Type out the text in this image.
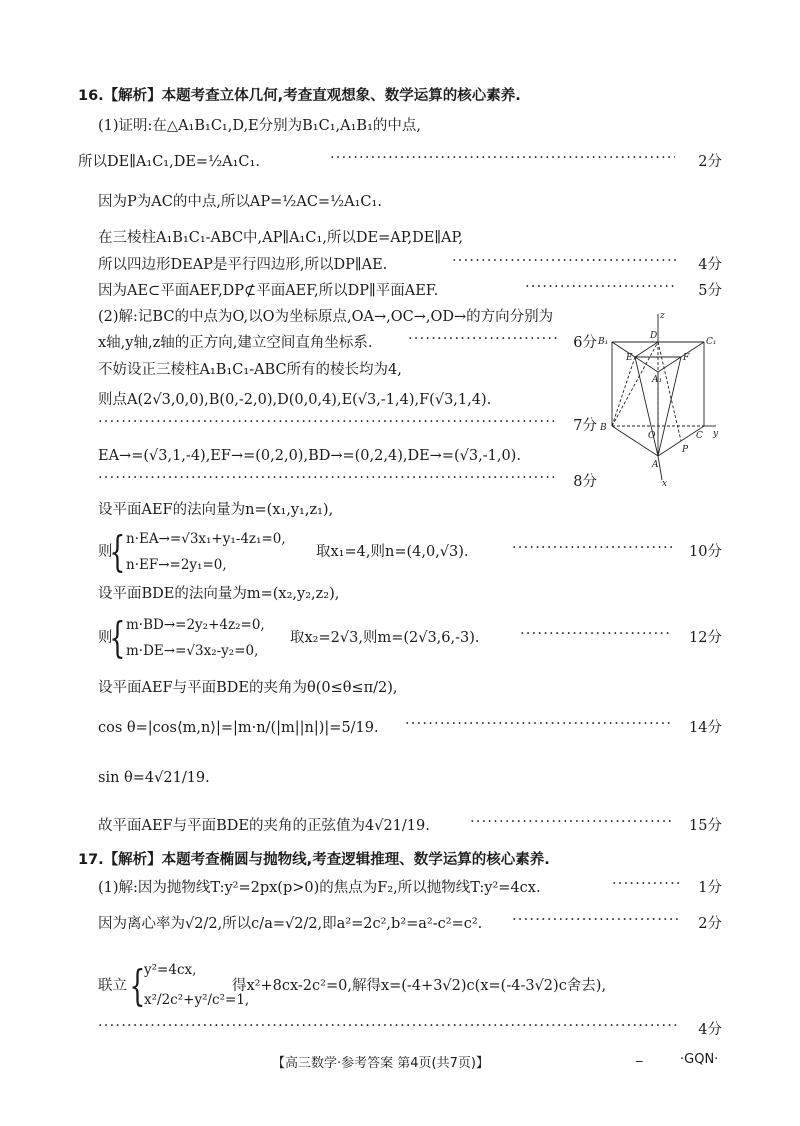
16.【解析】本题考查立体几何,考查直观想象、数学运算的核心素养.
(1)证明:在△A₁B₁C₁,D,E分别为B₁C₁,A₁B₁的中点,
所以DE∥A₁C₁,DE=½A₁C₁. ·····	2分
因为P为AC的中点,所以AP=½AC=½A₁C₁.
在三棱柱A₁B₁C₁-ABC中,AP∥A₁C₁,所以DE=AP,DE∥AP,
所以四边形DEAP是平行四边形,所以DP∥AE. ·····	4分
因为AE⊂平面AEF,DP⊄平面AEF,所以DP∥平面AEF. ·····	5分
(2)解:记BC的中点为O,以O为坐标原点,OA→,OC→,OD→的方向分别为
x轴,y轴,z轴的正方向,建立空间直角坐标系. ·····	6分
不妨设正三棱柱A₁B₁C₁-ABC所有的棱长均为4,
则点A(2√3,0,0),B(0,-2,0),D(0,0,4),E(√3,-1,4),F(√3,1,4).
·····
7分
EA→=(√3,1,-4),EF→=(0,2,0),BD→=(0,2,4),DE→=(√3,-1,0).
·····
8分
设平面AEF的法向量为n=(x₁,y₁,z₁),
则
{ n·EA→=√3x₁+y₁-4z₁=0,
n·EF→=2y₁=0,
取x₁=4,则n=(4,0,√3). ·····	10分
设平面BDE的法向量为m=(x₂,y₂,z₂),
则
{ m·BD→=2y₂+4z₂=0,
m·DE→=√3x₂-y₂=0,
取x₂=2√3,则m=(2√3,6,-3). ·····	12分
设平面AEF与平面BDE的夹角为θ(0≤θ≤π/2),
cos θ=|cos⟨m,n⟩|=|m·n/(|m||n|)|=5/19. ·····	14分
sin θ=4√21/19.
故平面AEF与平面BDE的夹角的正弦值为4√21/19. ·····	15分
17.【解析】本题考查椭圆与抛物线,考查逻辑推理、数学运算的核心素养.
(1)解:因为抛物线T:y²=2px(p>0)的焦点为F₂,所以抛物线T:y²=4cx. ·····	1分
因为离心率为√2/2,所以c/a=√2/2,即a²=2c²,b²=a²-c²=c². ·····	2分
联立 {
y²=4cx,
x²/2c²+y²/c²=1,
得x²+8cx-2c²=0,解得x=(-4+3√2)c(x=(-4-3√2)c舍去),
·····
4分
z
D
B₁	C₁
E	F
A₁
B
O	C y
P
A
x
【高三数学·参考答案 第4页(共7页)】
_	·GQN·
